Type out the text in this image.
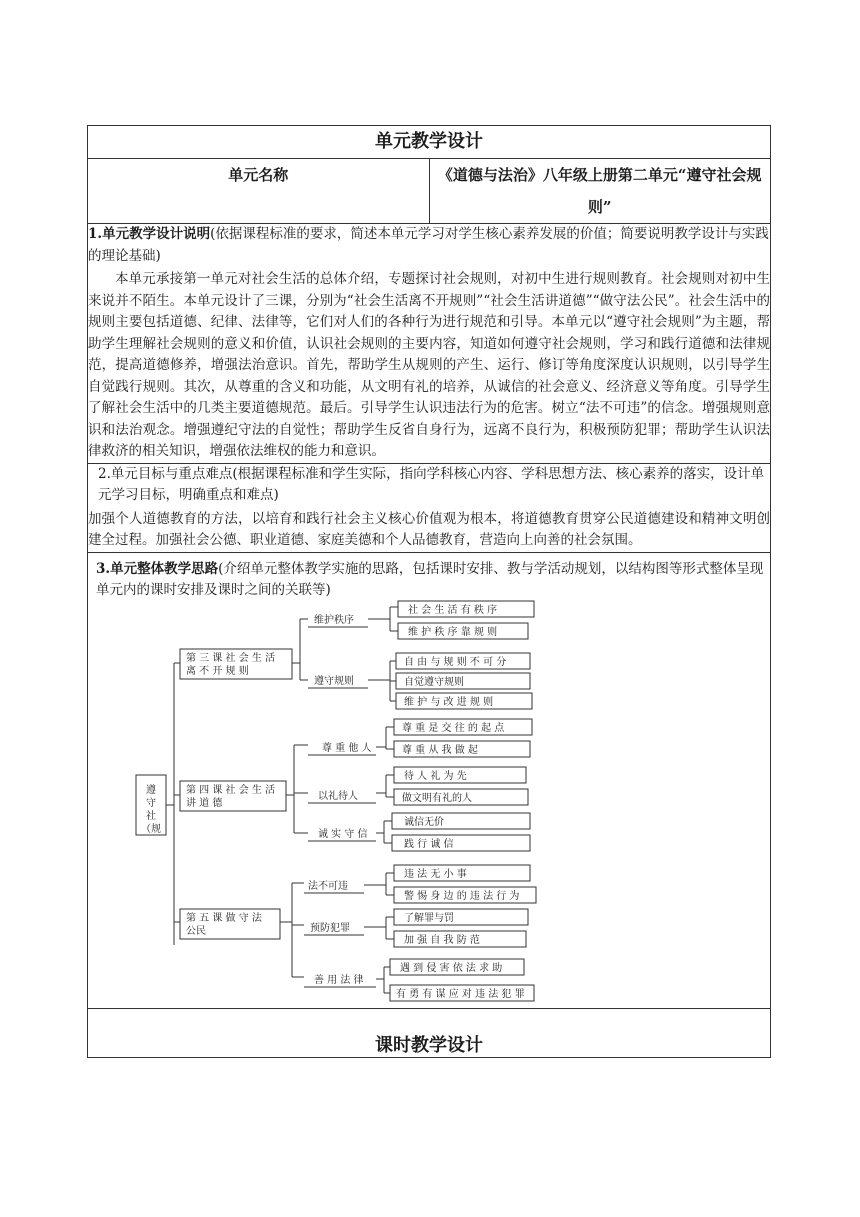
单元教学设计
单元名称	《道德与法治》八年级上册第二单元“遵守社会规则”

1.单元教学设计说明(依据课程标准的要求，简述本单元学习对学生核心素养发展的价值；简要说明教学设计与实践的理论基础)

本单元承接第一单元对社会生活的总体介绍，专题探讨社会规则，对初中生进行规则教育。社会规则对初中生来说并不陌生。本单元设计了三课，分别为“社会生活离不开规则”“社会生活讲道德”“做守法公民”。社会生活中的规则主要包括道德、纪律、法律等，它们对人们的各种行为进行规范和引导。本单元以“遵守社会规则”为主题，帮助学生理解社会规则的意义和价值，认识社会规则的主要内容，知道如何遵守社会规则，学习和践行道德和法律规范，提高道德修养，增强法治意识。首先，帮助学生从规则的产生、运行、修订等角度深度认识规则，以引导学生自觉践行规则。其次，从尊重的含义和功能，从文明有礼的培养，从诚信的社会意义、经济意义等角度。引导学生了解社会生活中的几类主要道德规范。最后。引导学生认识违法行为的危害。树立“法不可违”的信念。增强规则意识和法治观念。增强遵纪守法的自觉性；帮助学生反省自身行为，远离不良行为，积极预防犯罪；帮助学生认识法律救济的相关知识，增强依法维权的能力和意识。

2.单元目标与重点难点(根据课程标准和学生实际，指向学科核心内容、学科思想方法、核心素养的落实，设计单元学习目标，明确重点和难点)

加强个人道德教育的方法，以培育和践行社会主义核心价值观为根本，将道德教育贯穿公民道德建设和精神文明创建全过程。加强社会公德、职业道德、家庭美德和个人品德教育，营造向上向善的社会氛围。

3.单元整体教学思路(介绍单元整体教学实施的思路，包括课时安排、教与学活动规划，以结构图等形式整体呈现单元内的课时安排及课时之间的关联等)

遵
守
社
（规
第 三 课 社 会 生 活
离 不 开 规 则
第 四 课 社 会 生 活
讲 道 德
第 五 课 做 守 法
公民
维护秩序
遵守规则
尊 重 他 人
以礼待人
诚 实 守 信
法不可违
预防犯罪
善 用 法 律
社 会 生 活 有 秩 序
维 护 秩 序 靠 规 则
自 由 与 规 则 不 可 分
自觉遵守规则
维 护 与 改 进 规 则
尊 重 是 交 往 的 起 点
尊 重 从 我 做 起
待 人 礼 为 先
做文明有礼的人
诚信无价
践 行 诚 信
违 法 无 小 事
警 惕 身 边 的 违 法 行 为
了解罪与罚
加 强 自 我 防 范
遇 到 侵 害 依 法 求 助
有 勇 有 谋 应 对 违 法 犯 罪

课时教学设计
